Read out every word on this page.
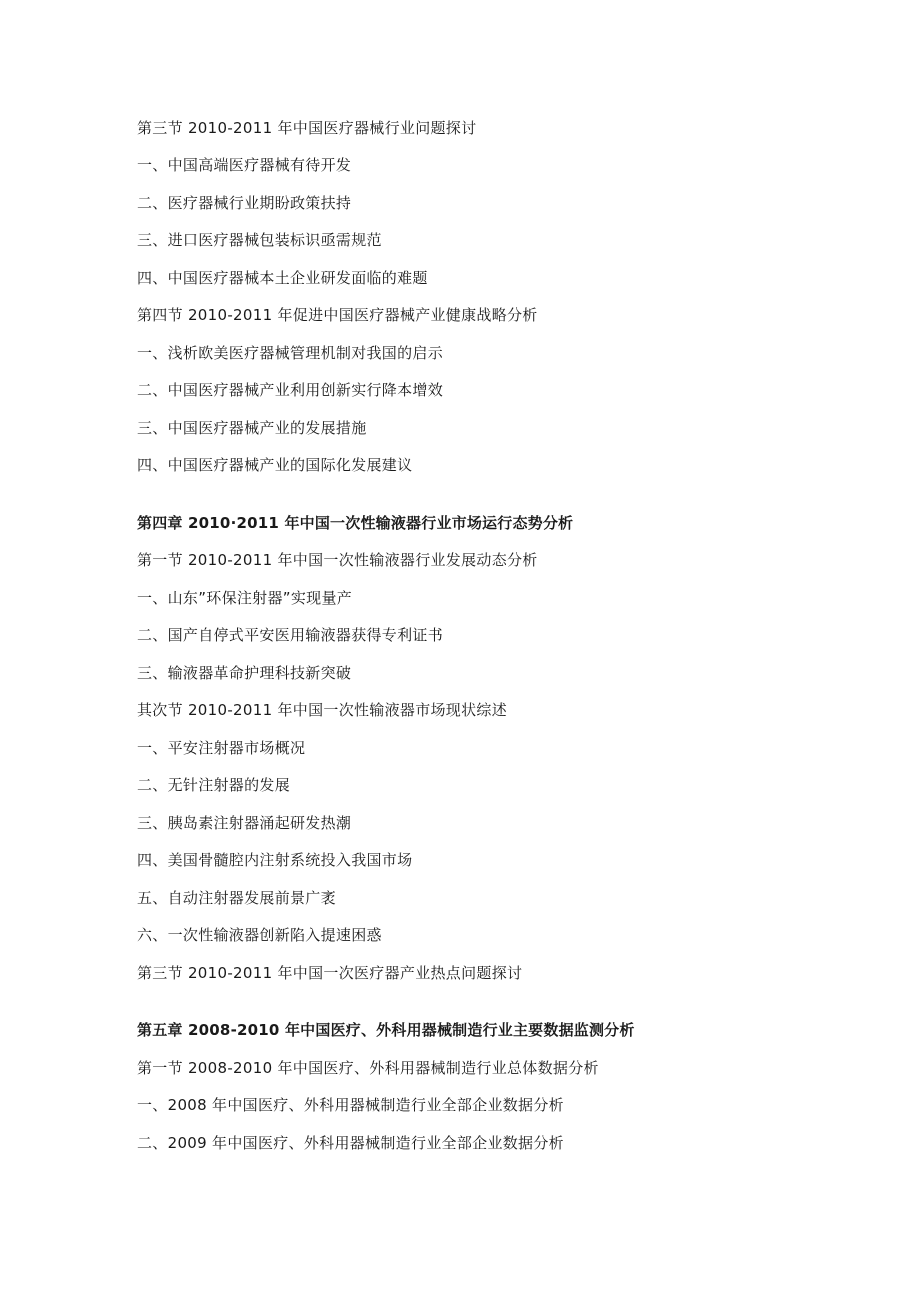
第三节 2010-2011 年中国医疗器械行业问题探讨
一、中国高端医疗器械有待开发
二、医疗器械行业期盼政策扶持
三、进口医疗器械包装标识亟需规范
四、中国医疗器械本土企业研发面临的难题
第四节 2010-2011 年促进中国医疗器械产业健康战略分析
一、浅析欧美医疗器械管理机制对我国的启示
二、中国医疗器械产业利用创新实行降本增效
三、中国医疗器械产业的发展措施
四、中国医疗器械产业的国际化发展建议
第四章 2010·2011 年中国一次性输液器行业市场运行态势分析
第一节 2010-2011 年中国一次性输液器行业发展动态分析
一、山东”环保注射器”实现量产
二、国产自停式平安医用输液器获得专利证书
三、输液器革命护理科技新突破
其次节 2010-2011 年中国一次性输液器市场现状综述
一、平安注射器市场概况
二、无针注射器的发展
三、胰岛素注射器涌起研发热潮
四、美国骨髓腔内注射系统投入我国市场
五、自动注射器发展前景广袤
六、一次性输液器创新陷入提速困惑
第三节 2010-2011 年中国一次医疗器产业热点问题探讨
第五章 2008-2010 年中国医疗、外科用器械制造行业主要数据监测分析
第一节 2008-2010 年中国医疗、外科用器械制造行业总体数据分析
一、2008 年中国医疗、外科用器械制造行业全部企业数据分析
二、2009 年中国医疗、外科用器械制造行业全部企业数据分析
